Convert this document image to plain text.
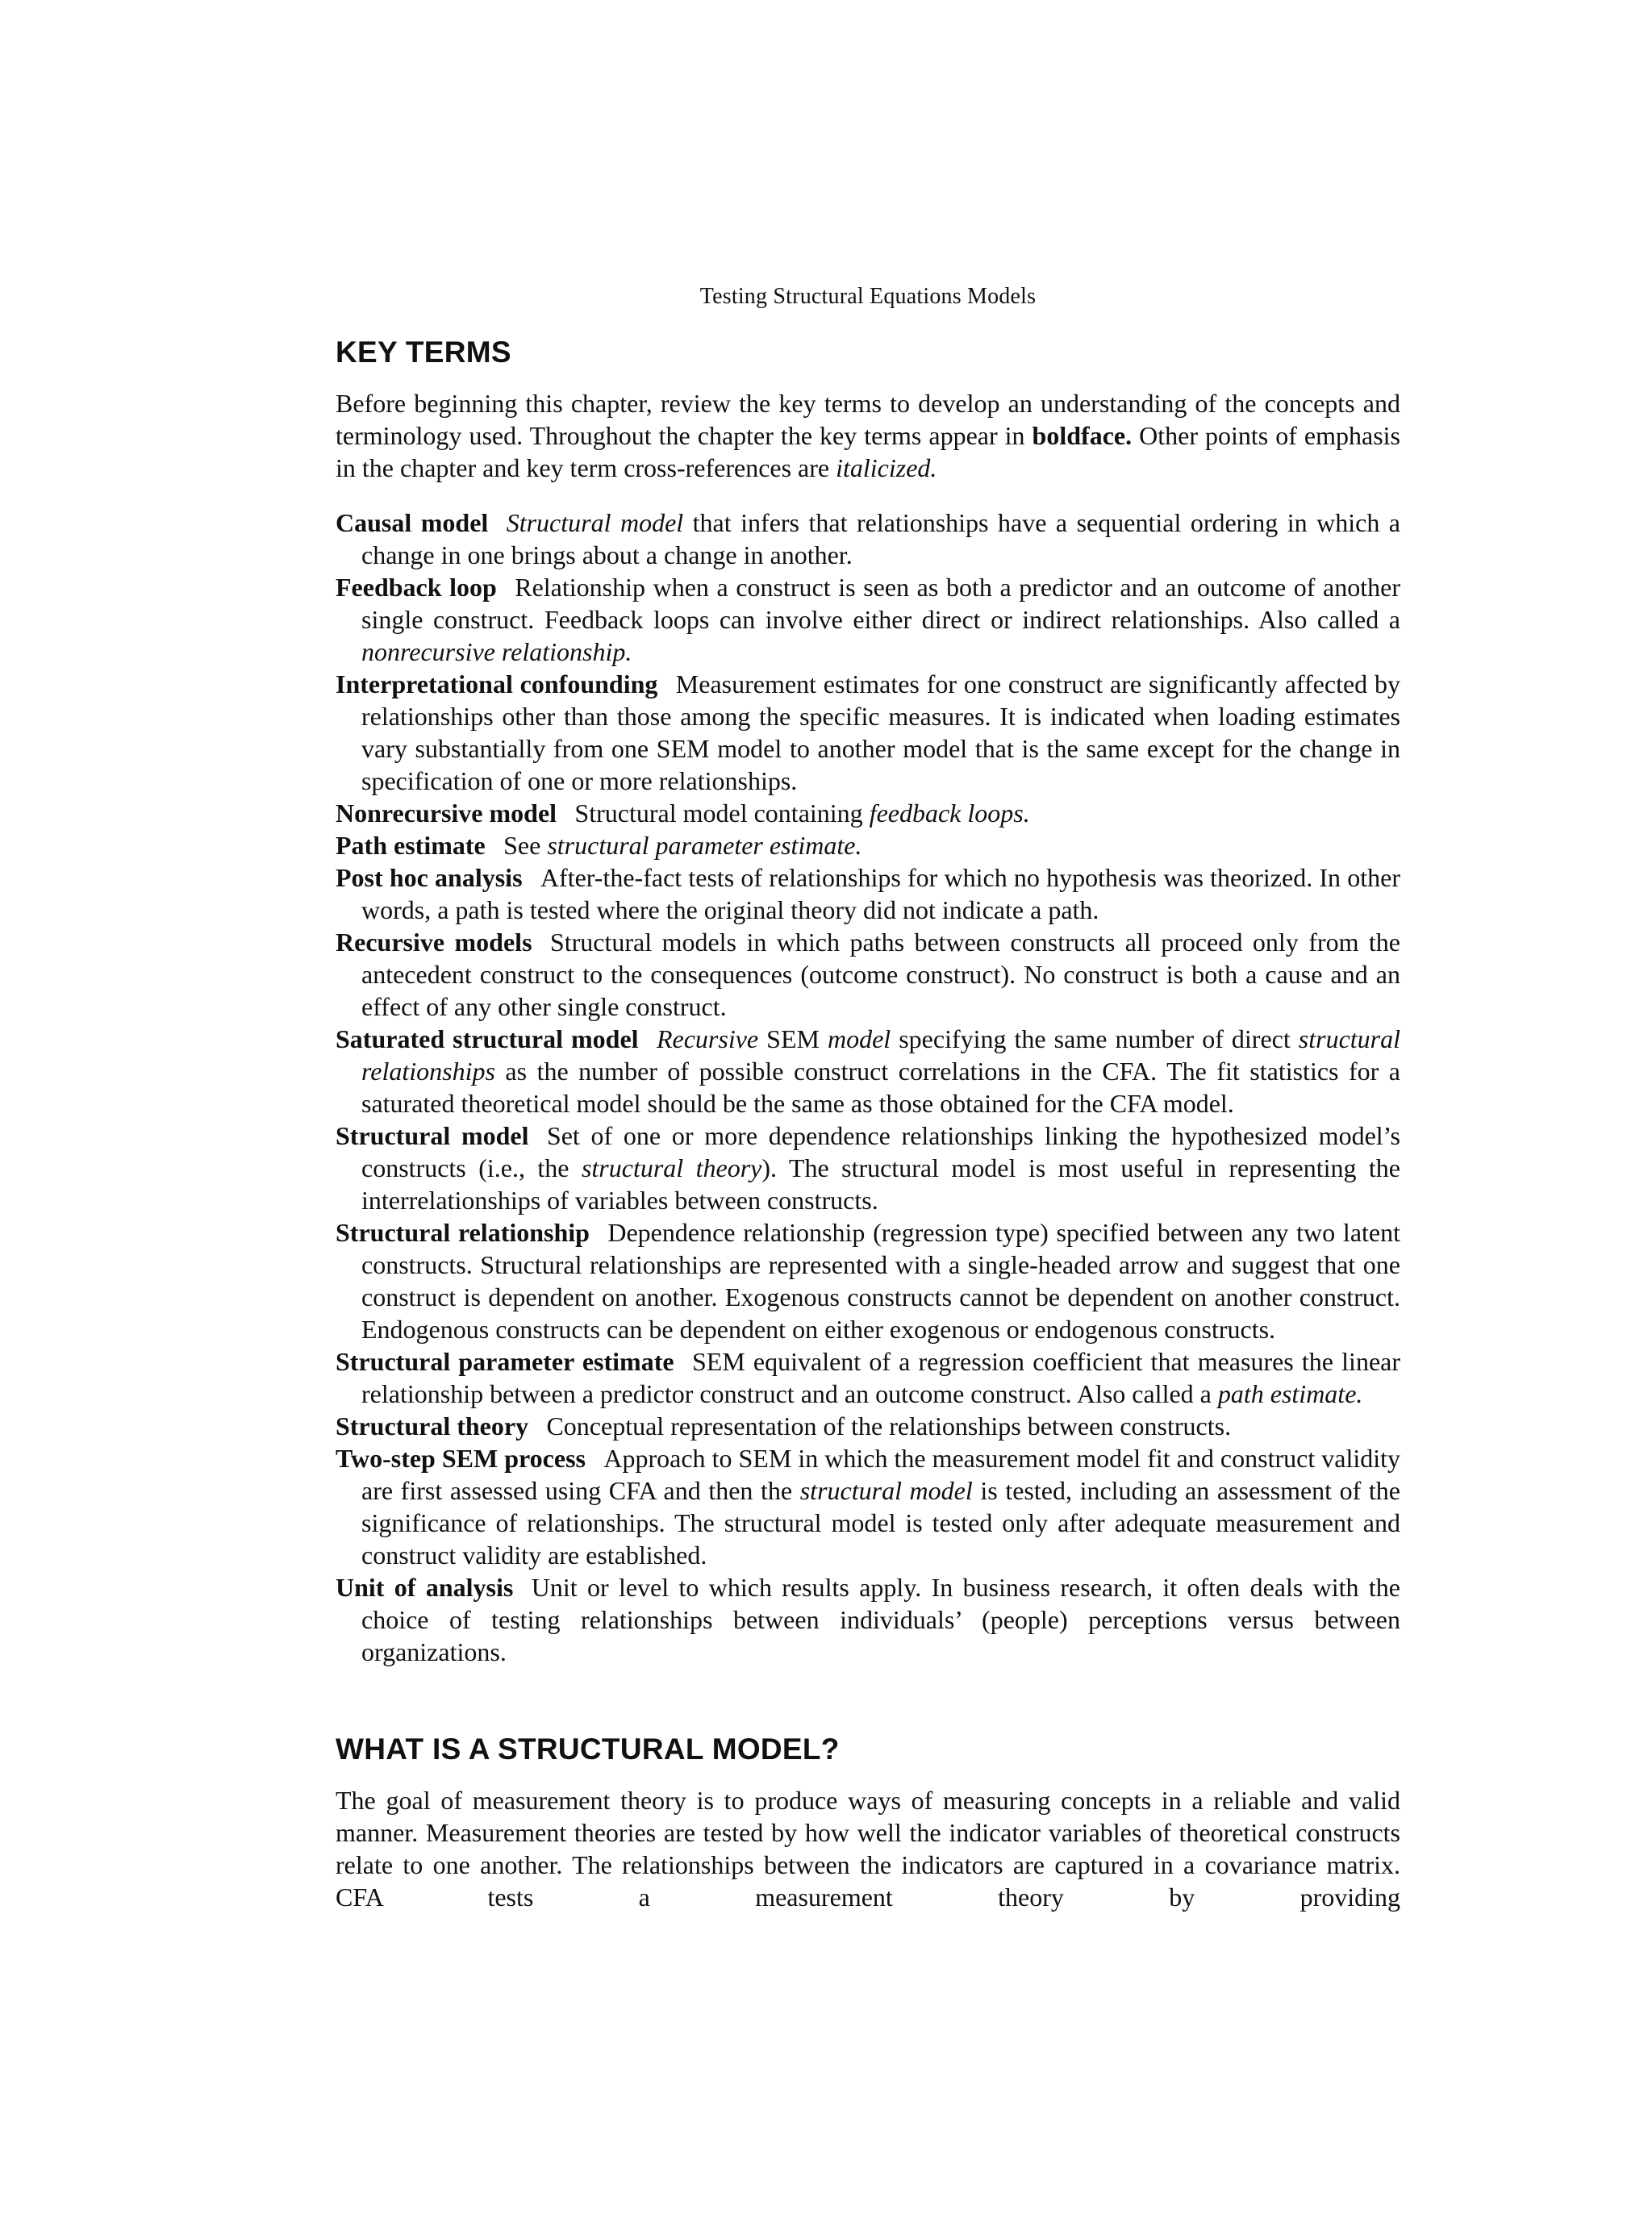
Testing Structural Equations Models
KEY TERMS

Before beginning this chapter, review the key terms to develop an understanding of the concepts and terminology used. Throughout the chapter the key terms appear in boldface. Other points of emphasis in the chapter and key term cross-references are italicized.

Causal model Structural model that infers that relationships have a sequential ordering in which a change in one brings about a change in another.

Feedback loop Relationship when a construct is seen as both a predictor and an outcome of another single construct. Feedback loops can involve either direct or indirect relationships. Also called a nonrecursive relationship.

Interpretational confounding Measurement estimates for one construct are significantly affected by relationships other than those among the specific measures. It is indicated when loading estimates vary substantially from one SEM model to another model that is the same except for the change in specification of one or more relationships.

Nonrecursive model Structural model containing feedback loops.

Path estimate See structural parameter estimate.

Post hoc analysis After-the-fact tests of relationships for which no hypothesis was theorized. In other words, a path is tested where the original theory did not indicate a path.

Recursive models Structural models in which paths between constructs all proceed only from the antecedent construct to the consequences (outcome construct). No construct is both a cause and an effect of any other single construct.

Saturated structural model Recursive SEM model specifying the same number of direct structural relationships as the number of possible construct correlations in the CFA. The fit statistics for a saturated theoretical model should be the same as those obtained for the CFA model.

Structural model Set of one or more dependence relationships linking the hypothesized model’s constructs (i.e., the structural theory). The structural model is most useful in representing the interrelationships of variables between constructs.

Structural relationship Dependence relationship (regression type) specified between any two latent constructs. Structural relationships are represented with a single-headed arrow and suggest that one construct is dependent on another. Exogenous constructs cannot be dependent on another construct. Endogenous constructs can be dependent on either exogenous or endogenous constructs.

Structural parameter estimate SEM equivalent of a regression coefficient that measures the linear relationship between a predictor construct and an outcome construct. Also called a path estimate.

Structural theory Conceptual representation of the relationships between constructs.

Two-step SEM process Approach to SEM in which the measurement model fit and construct validity are first assessed using CFA and then the structural model is tested, including an assessment of the significance of relationships. The structural model is tested only after adequate measurement and construct validity are established.

Unit of analysis Unit or level to which results apply. In business research, it often deals with the choice of testing relationships between individuals’ (people) perceptions versus between organizations.

WHAT IS A STRUCTURAL MODEL?

The goal of measurement theory is to produce ways of measuring concepts in a reliable and valid manner. Measurement theories are tested by how well the indicator variables of theoretical constructs relate to one another. The relationships between the indicators are captured in a covariance matrix. CFA tests a measurement theory by providing
